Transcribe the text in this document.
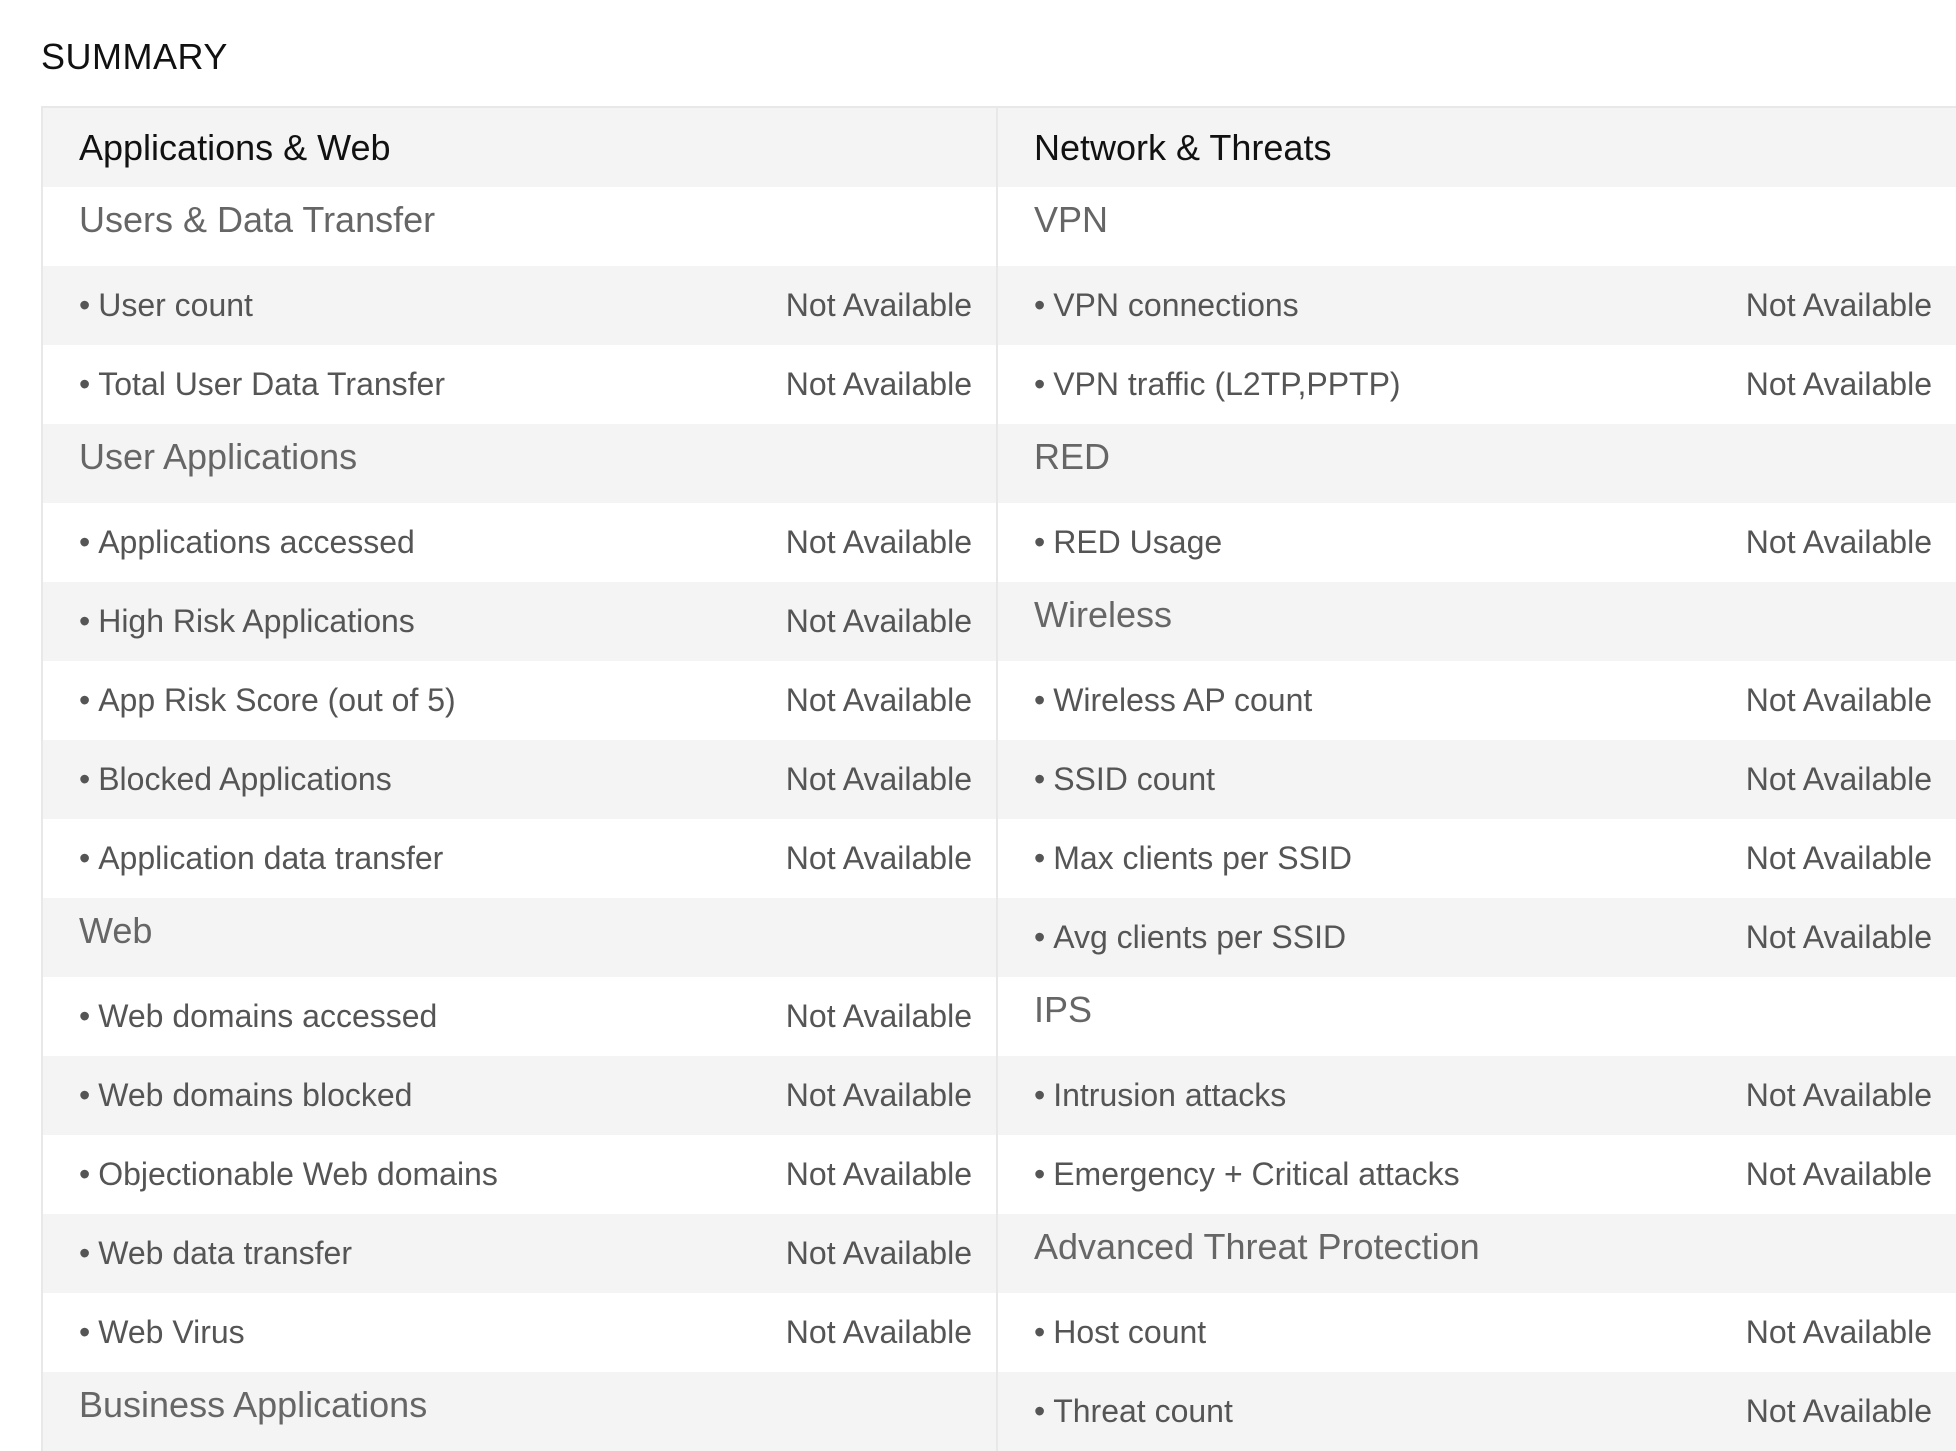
SUMMARY
Applications & Web
Users & Data Transfer
• User count	Not Available
• Total User Data Transfer	Not Available
User Applications
• Applications accessed	Not Available
• High Risk Applications	Not Available
• App Risk Score (out of 5)	Not Available
• Blocked Applications	Not Available
• Application data transfer	Not Available
Web
• Web domains accessed	Not Available
• Web domains blocked	Not Available
• Objectionable Web domains	Not Available
• Web data transfer	Not Available
• Web Virus	Not Available
Business Applications
Network & Threats
VPN
• VPN connections	Not Available
• VPN traffic (L2TP,PPTP)	Not Available
RED
• RED Usage	Not Available
Wireless
• Wireless AP count	Not Available
• SSID count	Not Available
• Max clients per SSID	Not Available
• Avg clients per SSID	Not Available
IPS
• Intrusion attacks	Not Available
• Emergency + Critical attacks	Not Available
Advanced Threat Protection
• Host count	Not Available
• Threat count	Not Available
